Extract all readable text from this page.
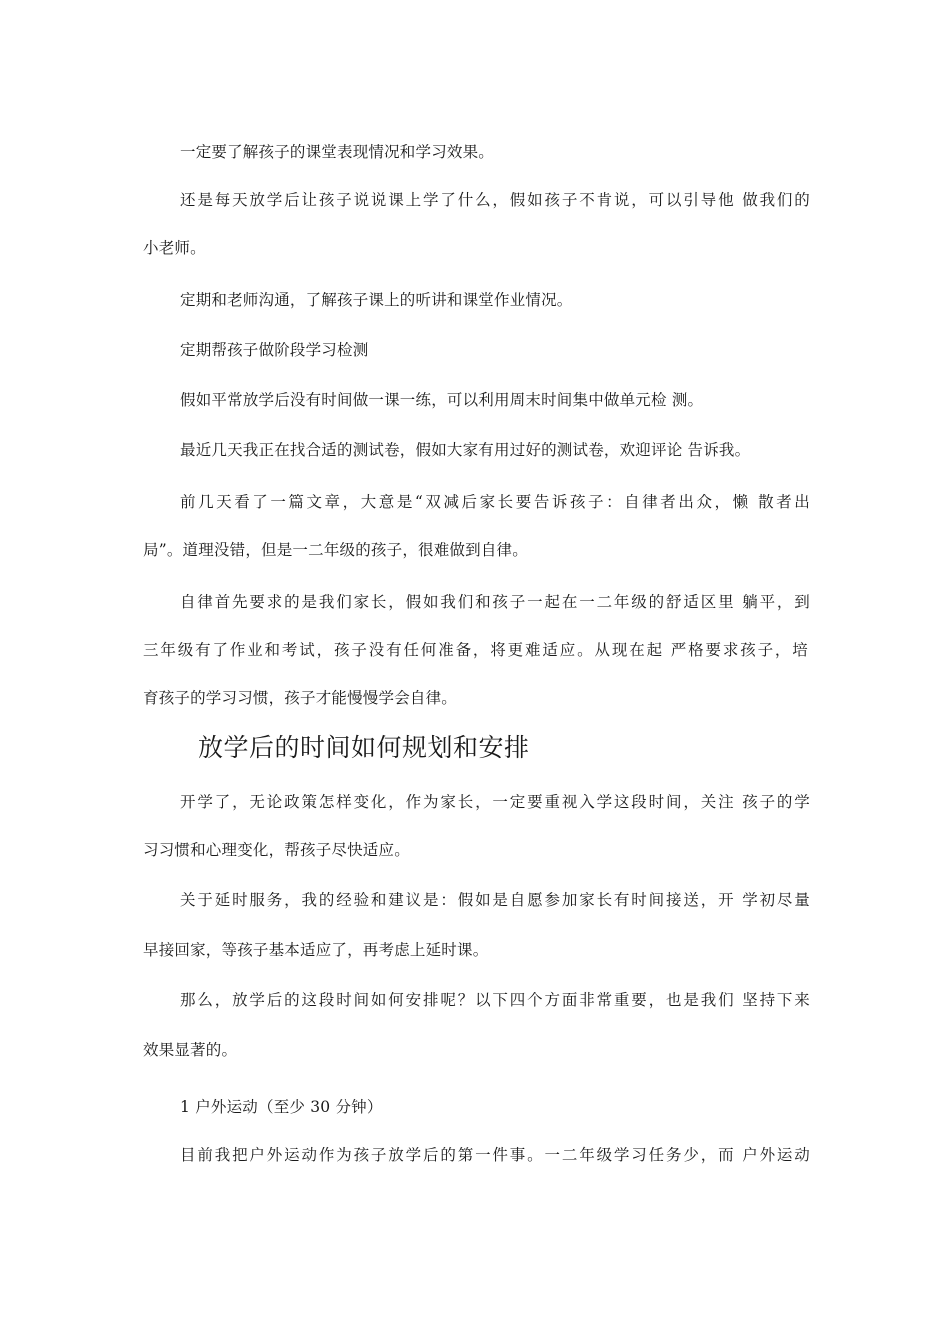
一定要了解孩子的课堂表现情况和学习效果。
还是每天放学后让孩子说说课上学了什么，假如孩子不肯说，可以引导他 做我们的
小老师。
定期和老师沟通，了解孩子课上的听讲和课堂作业情况。
定期帮孩子做阶段学习检测
假如平常放学后没有时间做一课一练，可以利用周末时间集中做单元检 测。
最近几天我正在找合适的测试卷，假如大家有用过好的测试卷，欢迎评论 告诉我。
前几天看了一篇文章，大意是“双减后家长要告诉孩子：自律者出众，懒 散者出
局”。道理没错，但是一二年级的孩子，很难做到自律。
自律首先要求的是我们家长，假如我们和孩子一起在一二年级的舒适区里 躺平，到
三年级有了作业和考试，孩子没有任何准备，将更难适应。从现在起 严格要求孩子，培
育孩子的学习习惯，孩子才能慢慢学会自律。
放学后的时间如何规划和安排
开学了，无论政策怎样变化，作为家长，一定要重视入学这段时间，关注 孩子的学
习习惯和心理变化，帮孩子尽快适应。
关于延时服务，我的经验和建议是：假如是自愿参加家长有时间接送，开 学初尽量
早接回家，等孩子基本适应了，再考虑上延时课。
那么，放学后的这段时间如何安排呢？以下四个方面非常重要，也是我们 坚持下来
效果显著的。
1 户外运动（至少 30 分钟）
目前我把户外运动作为孩子放学后的第一件事。一二年级学习任务少，而 户外运动
